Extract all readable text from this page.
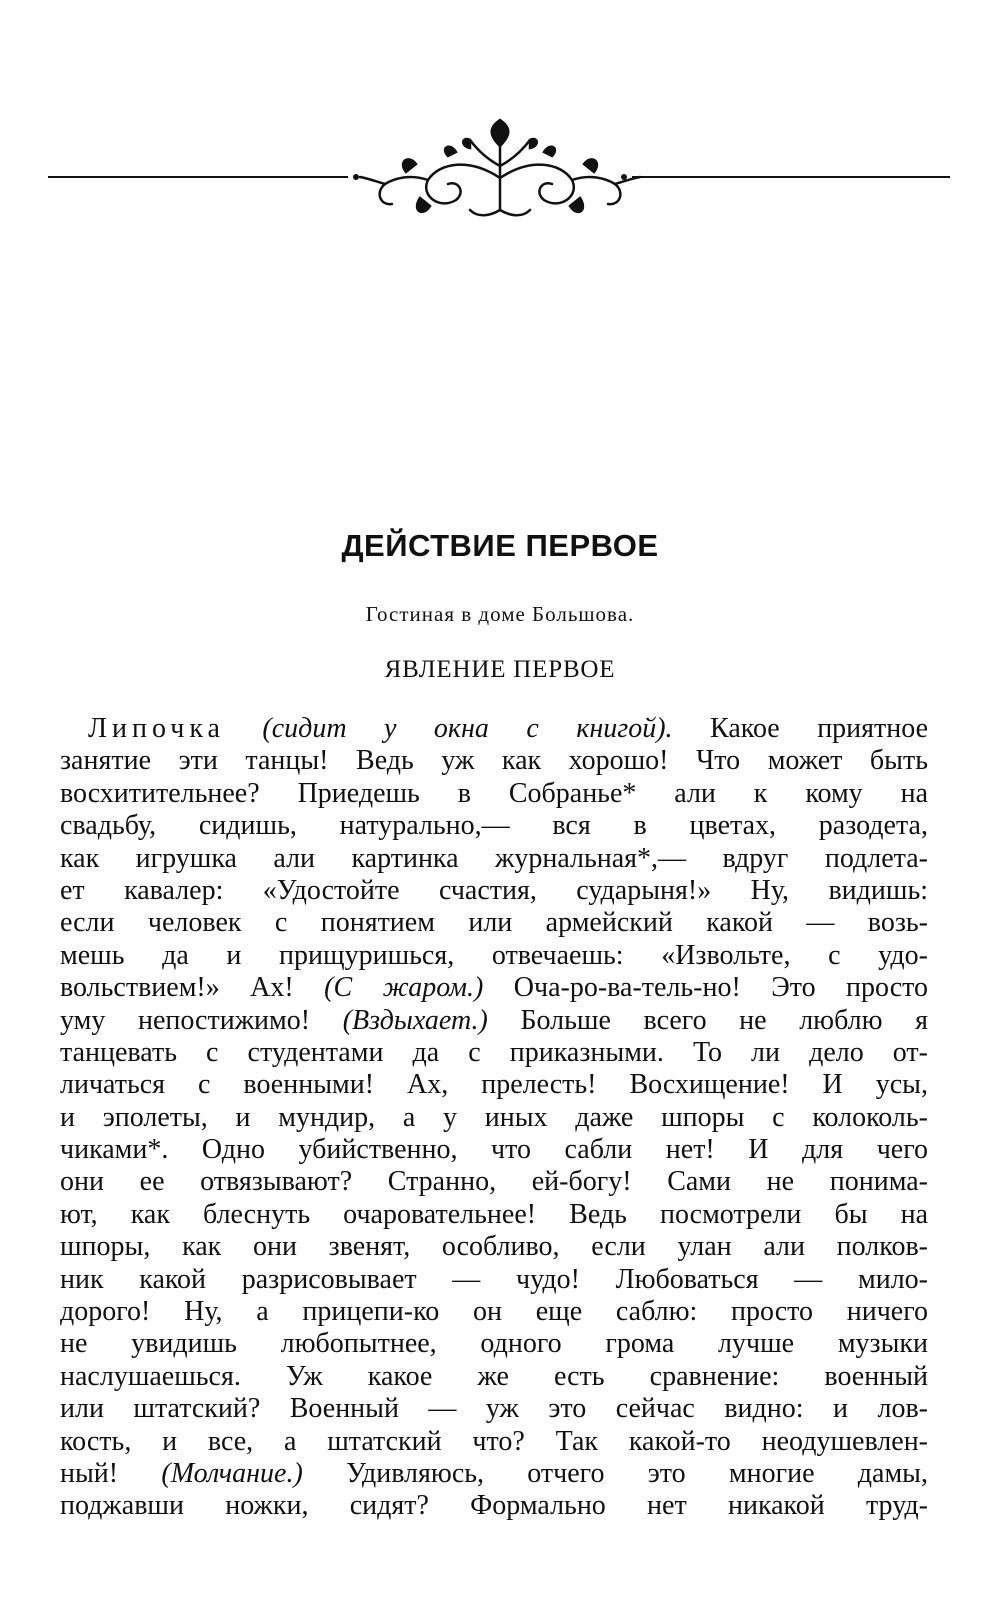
ДЕЙСТВИЕ ПЕРВОЕ
Гостиная в доме Большова.
ЯВЛЕНИЕ ПЕРВОЕ
Липочка (сидит у окна с книгой). Какое приятное
занятие эти танцы! Ведь уж как хорошо! Что может быть
восхитительнее? Приедешь в Собранье* али к кому на
свадьбу, сидишь, натурально,— вся в цветах, разодета,
как игрушка али картинка журнальная*,— вдруг подлета-
ет кавалер: «Удостойте счастия, сударыня!» Ну, видишь:
если человек с понятием или армейский какой — возь-
мешь да и прищуришься, отвечаешь: «Извольте, с удо-
вольствием!» Ах! (С жаром.) Оча-ро-ва-тель-но! Это просто
уму непостижимо! (Вздыхает.) Больше всего не люблю я
танцевать с студентами да с приказными. То ли дело от-
личаться с военными! Ах, прелесть! Восхищение! И усы,
и эполеты, и мундир, а у иных даже шпоры с колоколь-
чиками*. Одно убийственно, что сабли нет! И для чего
они ее отвязывают? Странно, ей-богу! Сами не понима-
ют, как блеснуть очаровательнее! Ведь посмотрели бы на
шпоры, как они звенят, особливо, если улан али полков-
ник какой разрисовывает — чудо! Любоваться — мило-
дорого! Ну, а прицепи-ко он еще саблю: просто ничего
не увидишь любопытнее, одного грома лучше музыки
наслушаешься. Уж какое же есть сравнение: военный
или штатский? Военный — уж это сейчас видно: и лов-
кость, и все, а штатский что? Так какой-то неодушевлен-
ный! (Молчание.) Удивляюсь, отчего это многие дамы,
поджавши ножки, сидят? Формально нет никакой труд-
